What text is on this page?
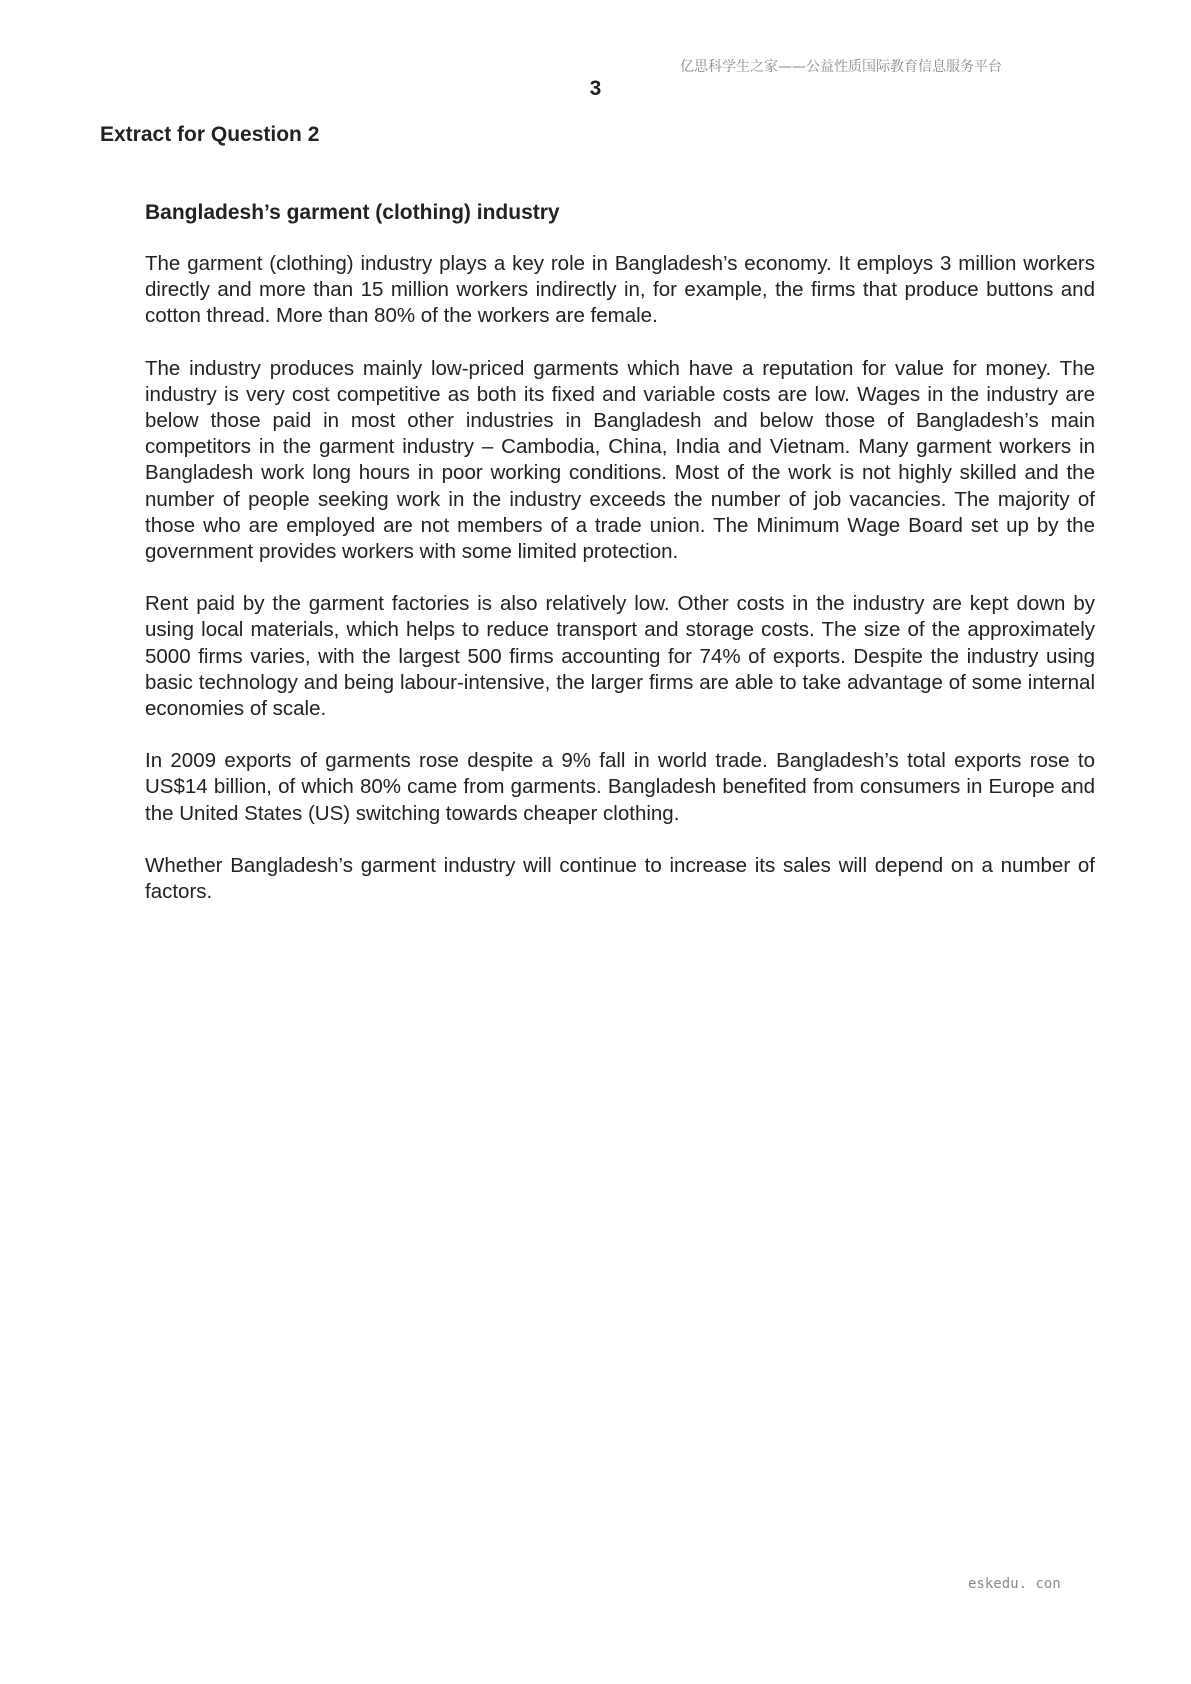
亿思科学生之家——公益性质国际教育信息服务平台
3
Extract for Question 2
Bangladesh’s garment (clothing) industry

The garment (clothing) industry plays a key role in Bangladesh’s economy. It employs 3 million workers directly and more than 15 million workers indirectly in, for example, the firms that produce buttons and cotton thread. More than 80% of the workers are female.

The industry produces mainly low-priced garments which have a reputation for value for money. The industry is very cost competitive as both its fixed and variable costs are low. Wages in the industry are below those paid in most other industries in Bangladesh and below those of Bangladesh’s main competitors in the garment industry – Cambodia, China, India and Vietnam. Many garment workers in Bangladesh work long hours in poor working conditions. Most of the work is not highly skilled and the number of people seeking work in the industry exceeds the number of job vacancies. The majority of those who are employed are not members of a trade union. The Minimum Wage Board set up by the government provides workers with some limited protection.

Rent paid by the garment factories is also relatively low. Other costs in the industry are kept down by using local materials, which helps to reduce transport and storage costs. The size of the approximately 5000 firms varies, with the largest 500 firms accounting for 74% of exports. Despite the industry using basic technology and being labour-intensive, the larger firms are able to take advantage of some internal economies of scale.

In 2009 exports of garments rose despite a 9% fall in world trade. Bangladesh’s total exports rose to US$14 billion, of which 80% came from garments. Bangladesh benefited from consumers in Europe and the United States (US) switching towards cheaper clothing.

Whether Bangladesh’s garment industry will continue to increase its sales will depend on a number of factors.

eskedu. con
